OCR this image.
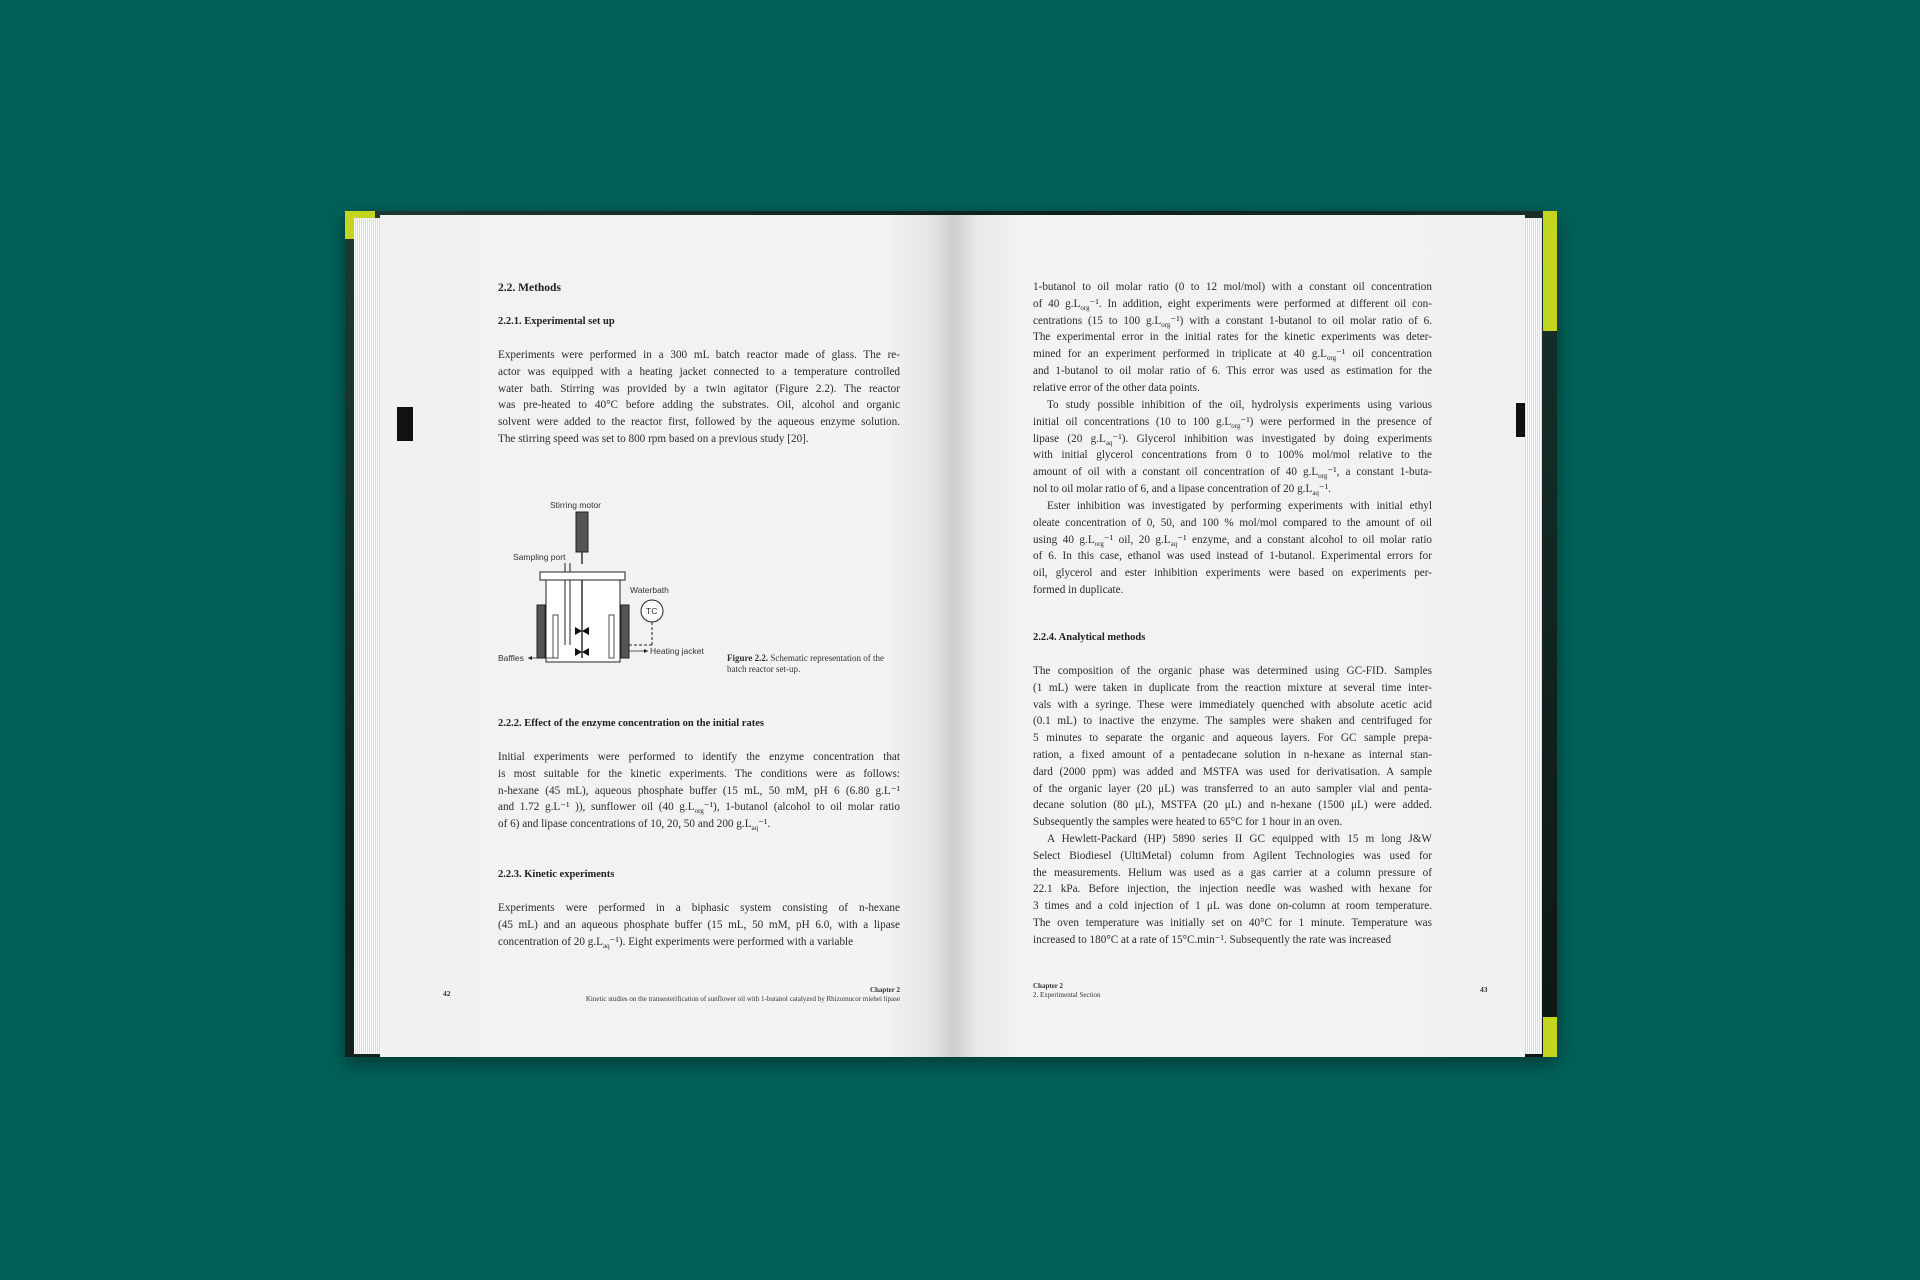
2.2. Methods
2.2.1. Experimental set up
Experiments were performed in a 300 mL batch reactor made of glass. The re-
actor was equipped with a heating jacket connected to a temperature controlled
water bath. Stirring was provided by a twin agitator (Figure 2.2). The reactor
was pre-heated to 40°C before adding the substrates. Oil, alcohol and organic
solvent were added to the reactor first, followed by the aqueous enzyme solution.
The stirring speed was set to 800 rpm based on a previous study [20].
Stirring motor
Sampling port
Waterbath
TC
Baffles
Heating jacket
Figure 2.2. Schematic representation of the batch reactor set-up.
2.2.2. Effect of the enzyme concentration on the initial rates
Initial experiments were performed to identify the enzyme concentration that
is most suitable for the kinetic experiments. The conditions were as follows:
n-hexane (45 mL), aqueous phosphate buffer (15 mL, 50 mM, pH 6 (6.80 g.L⁻¹
and 1.72 g.L⁻¹ )), sunflower oil (40 $g.L_{org}^{-1}$), 1-butanol (alcohol to oil molar ratio
of 6) and lipase concentrations of 10, 20, 50 and 200 $g.L_{aq}^{-1}$.
2.2.3. Kinetic experiments
Experiments were performed in a biphasic system consisting of n-hexane
(45 mL) and an aqueous phosphate buffer (15 mL, 50 mM, pH 6.0, with a lipase
concentration of 20 $g.L_{aq}^{-1}$). Eight experiments were performed with a variable
42	Chapter 2
Kinetic studies on the transesterification of sunflower oil with 1-butanol catalyzed by Rhizomucor miehei lipase
1-butanol to oil molar ratio (0 to 12 mol/mol) with a constant oil concentration
of 40 $g.L_{org}^{-1}$. In addition, eight experiments were performed at different oil con-
centrations (15 to 100 $g.L_{org}^{-1}$) with a constant 1-butanol to oil molar ratio of 6.
The experimental error in the initial rates for the kinetic experiments was deter-
mined for an experiment performed in triplicate at 40 $g.L_{org}^{-1}$ oil concentration
and 1-butanol to oil molar ratio of 6. This error was used as estimation for the
relative error of the other data points.
To study possible inhibition of the oil, hydrolysis experiments using various
initial oil concentrations (10 to 100 $g.L_{org}^{-1}$) were performed in the presence of
lipase (20 $g.L_{aq}^{-1}$). Glycerol inhibition was investigated by doing experiments
with initial glycerol concentrations from 0 to 100% mol/mol relative to the
amount of oil with a constant oil concentration of 40 $g.L_{org}^{-1}$, a constant 1-buta-
nol to oil molar ratio of 6, and a lipase concentration of 20 $g.L_{aq}^{-1}$.
Ester inhibition was investigated by performing experiments with initial ethyl
oleate concentration of 0, 50, and 100 % mol/mol compared to the amount of oil
using 40 $g.L_{org}^{-1}$ oil, 20 $g.L_{aq}^{-1}$ enzyme, and a constant alcohol to oil molar ratio
of 6. In this case, ethanol was used instead of 1-butanol. Experimental errors for
oil, glycerol and ester inhibition experiments were based on experiments per-
formed in duplicate.
2.2.4. Analytical methods
The composition of the organic phase was determined using GC-FID. Samples
(1 mL) were taken in duplicate from the reaction mixture at several time inter-
vals with a syringe. These were immediately quenched with absolute acetic acid
(0.1 mL) to inactive the enzyme. The samples were shaken and centrifuged for
5 minutes to separate the organic and aqueous layers. For GC sample prepa-
ration, a fixed amount of a pentadecane solution in n-hexane as internal stan-
dard (2000 ppm) was added and MSTFA was used for derivatisation. A sample
of the organic layer (20 μL) was transferred to an auto sampler vial and penta-
decane solution (80 μL), MSTFA (20 μL) and n-hexane (1500 μL) were added.
Subsequently the samples were heated to 65°C for 1 hour in an oven.
A Hewlett-Packard (HP) 5890 series II GC equipped with 15 m long J&W
Select Biodiesel (UltiMetal) column from Agilent Technologies was used for
the measurements. Helium was used as a gas carrier at a column pressure of
22.1 kPa. Before injection, the injection needle was washed with hexane for
3 times and a cold injection of 1 μL was done on-column at room temperature.
The oven temperature was initially set on 40°C for 1 minute. Temperature was
increased to 180°C at a rate of 15°C.min⁻¹. Subsequently the rate was increased
Chapter 2
2. Experimental Section
43
